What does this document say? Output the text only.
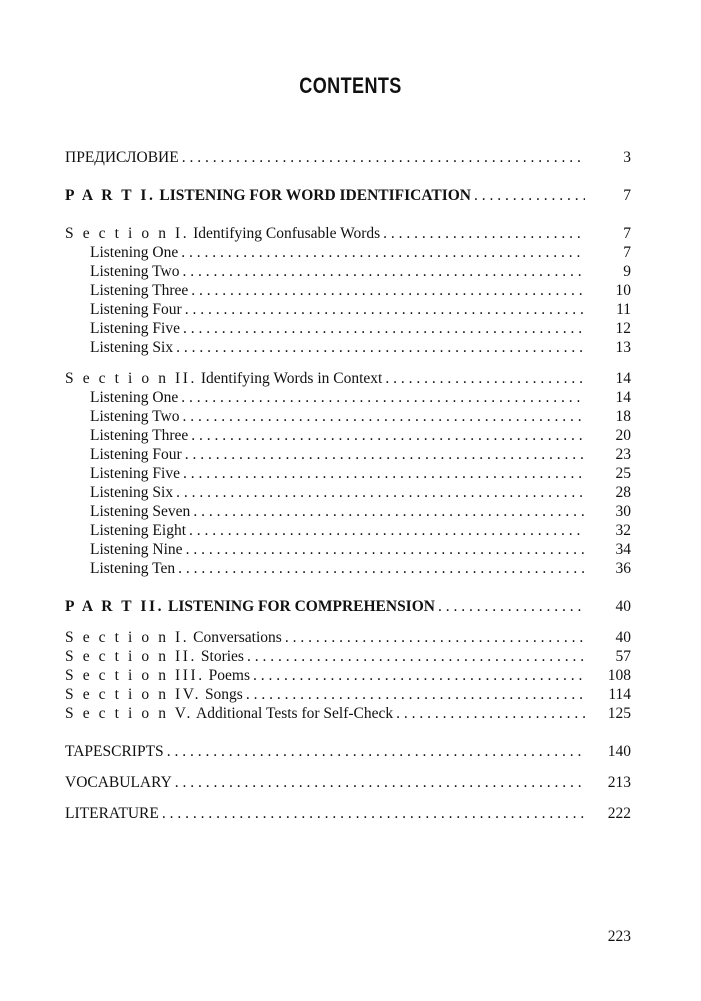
CONTENTS
ПРЕДИСЛОВИЕ . . .	3
P A R T I. LISTENING FOR WORD IDENTIFICATION . . .	7
S e c t i o n I. Identifying Confusable Words . . .	7
Listening One . . .	7
Listening Two . . .	9
Listening Three . . .	10
Listening Four . . .	11
Listening Five . . .	12
Listening Six . . .	13
S e c t i o n II. Identifying Words in Context . . .	14
Listening One . . .	14
Listening Two . . .	18
Listening Three . . .	20
Listening Four . . .	23
Listening Five . . .	25
Listening Six . . .	28
Listening Seven . . .	30
Listening Eight . . .	32
Listening Nine . . .	34
Listening Ten . . .	36
P A R T II. LISTENING FOR COMPREHENSION . . .	40
S e c t i o n I. Conversations . . .	40
S e c t i o n II. Stories . . .	57
S e c t i o n III. Poems . . .	108
S e c t i o n IV. Songs . . .	114
S e c t i o n V. Additional Tests for Self-Check . . .	125
TAPESCRIPTS . . .	140
VOCABULARY . . .	213
LITERATURE . . .	222
223
